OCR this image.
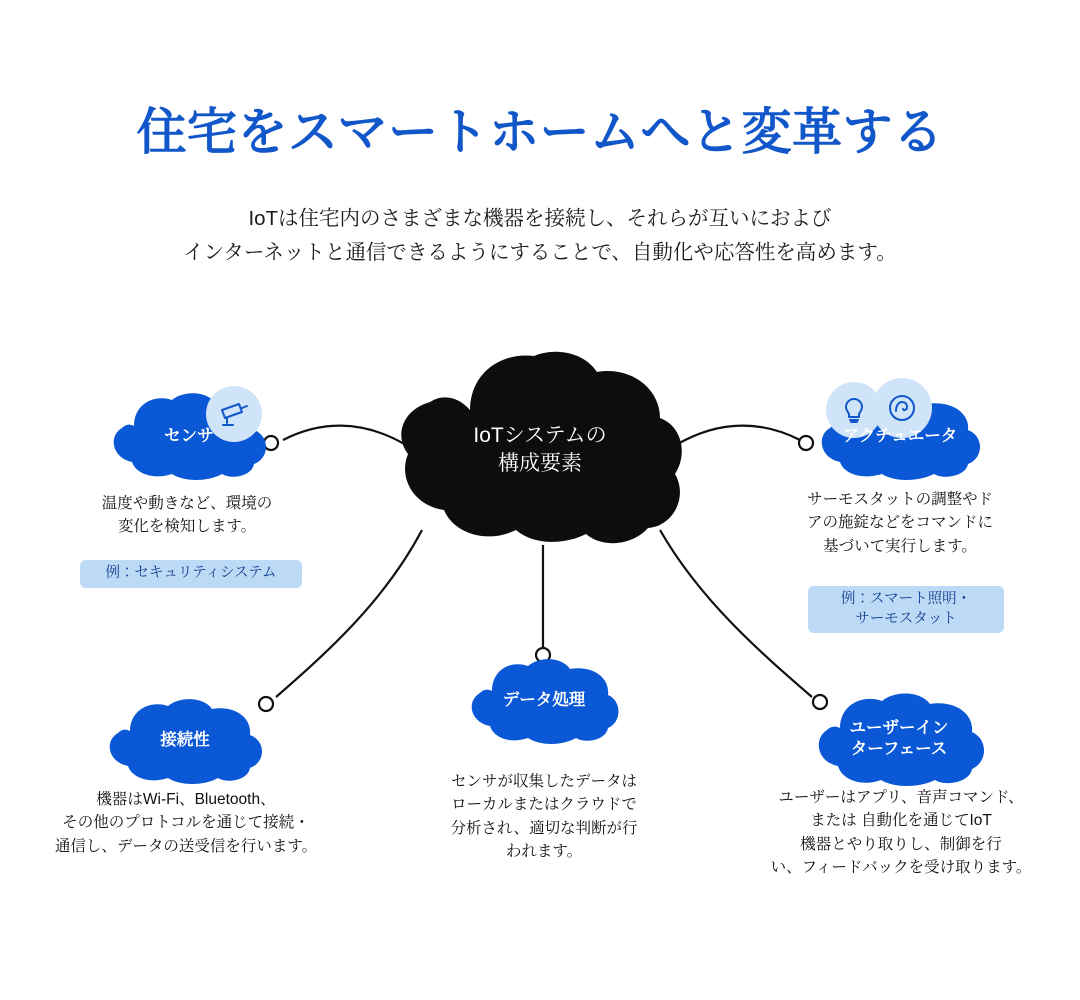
住宅をスマートホームへと変革する
IoTは住宅内のさまざまな機器を接続し、それらが互いにおよび
インターネットと通信できるようにすることで、自動化や応答性を高めます。
IoTシステムの
構成要素
センサ
温度や動きなど、環境の
変化を検知します。
例：セキュリティシステム
アクチュエータ
サーモスタットの調整やド
アの施錠などをコマンドに
基づいて実行します。
例：スマート照明・
サーモスタット
接続性
機器はWi-Fi、Bluetooth、
その他のプロトコルを通じて接続・
通信し、データの送受信を行います。
データ処理
センサが収集したデータは
ローカルまたはクラウドで
分析され、適切な判断が行
われます。
ユーザーイン
ターフェース
ユーザーはアプリ、音声コマンド、
または 自動化を通じてIoT
機器とやり取りし、制御を行
い、フィードバックを受け取ります。
